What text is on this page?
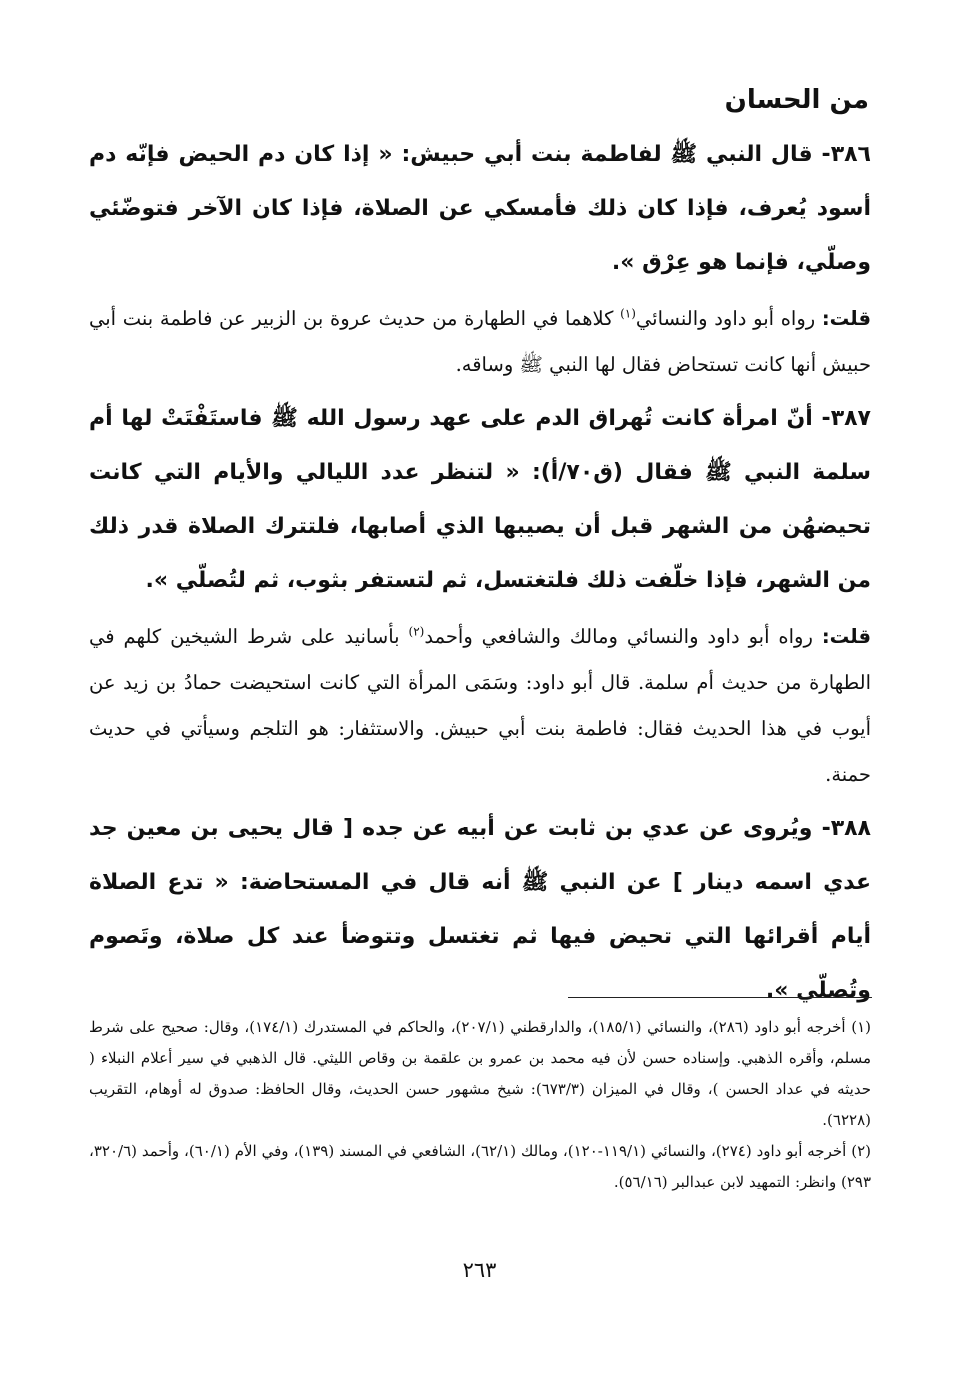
من الحسان

٣٨٦- قال النبي ﷺ لفاطمة بنت أبي حبيش: « إذا كان دم الحيض فإنّه دم أسود يُعرف، فإذا كان ذلك فأمسكي عن الصلاة، فإذا كان الآخر فتوضّئي وصلّي، فإنما هو عِرْق ».

قلت: رواه أبو داود والنسائي$^{(١)}$ كلاهما في الطهارة من حديث عروة بن الزبير عن فاطمة بنت أبي حبيش أنها كانت تستحاض فقال لها النبي ﷺ وساقه.

٣٨٧- أنّ امرأة كانت تُهراق الدم على عهد رسول الله ﷺ فاستَفْتَتْ لها أم سلمة النبي ﷺ فقال (ق٧٠/أ): « لتنظر عدد الليالي والأيام التي كانت تحيضهُن من الشهر قبل أن يصيبها الذي أصابها، فلتترك الصلاة قدر ذلك من الشهر، فإذا خلّفت ذلك فلتغتسل، ثم لتستفر بثوب، ثم لتُصلّي ».

قلت: رواه أبو داود والنسائي ومالك والشافعي وأحمد$^{(٢)}$ بأسانيد على شرط الشيخين كلهم في الطهارة من حديث أم سلمة. قال أبو داود: وسَمَى المرأة التي كانت استحيضت حمادُ بن زيد عن أيوب في هذا الحديث فقال: فاطمة بنت أبي حبيش. والاستثفار: هو التلجم وسيأتي في حديث حمنة.

٣٨٨- ويُروى عن عدي بن ثابت عن أبيه عن جده [ قال يحيى بن معين جد عدي اسمه دينار ] عن النبي ﷺ أنه قال في المستحاضة: « تدع الصلاة أيام أقرائها التي تحيض فيها ثم تغتسل وتتوضأ عند كل صلاة، وتَصوم وتُصلّي ».

(١) أخرجه أبو داود (٢٨٦)، والنسائي (١٨٥/١)، والدارقطني (٢٠٧/١)، والحاكم في المستدرك (١٧٤/١)، وقال: صحيح على شرط مسلم، وأقره الذهبي. وإسناده حسن لأن فيه محمد بن عمرو بن علقمة بن وقاص الليثي. قال الذهبي في سير أعلام النبلاء ( حديثه في عداد الحسن )، وقال في الميزان (٦٧٣/٣): شيخ مشهور حسن الحديث، وقال الحافظ: صدوق له أوهام، التقريب (٦٢٢٨).

(٢) أخرجه أبو داود (٢٧٤)، والنسائي (١١٩/١-١٢٠)، ومالك (٦٢/١)، الشافعي في المسند (١٣٩)، وفي الأم (٦٠/١)، وأحمد (٣٢٠/٦، ٢٩٣) وانظر: التمهيد لابن عبدالبر (٥٦/١٦).

٢٦٣
